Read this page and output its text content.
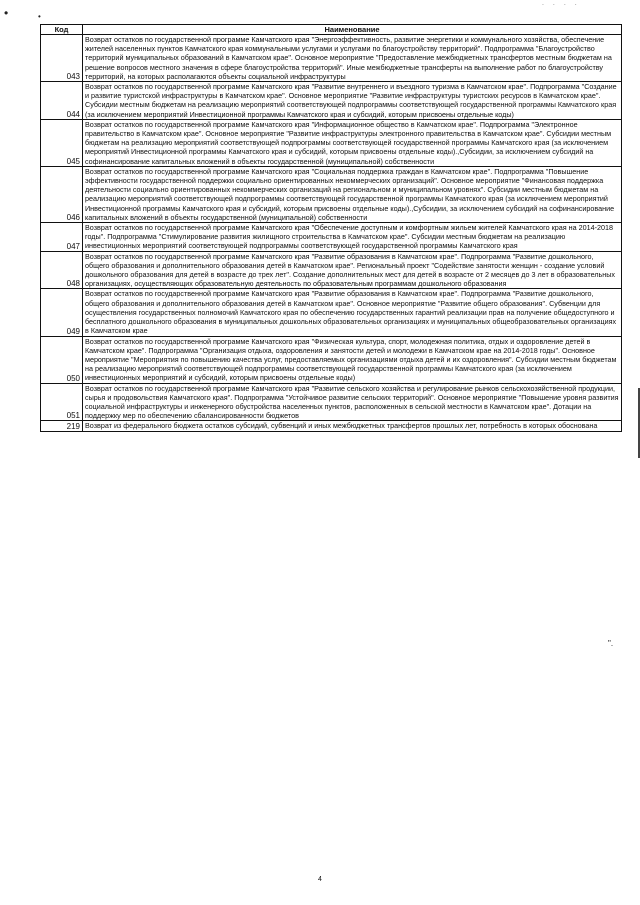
•	•
· · · ·
Код	Наименование
043	Возврат остатков по государственной программе Камчатского края "Энергоэффективность, развитие энергетики и коммунального хозяйства, обеспечение жителей населенных пунктов Камчатского края коммунальными услугами и услугами по благоустройству территорий". Подпрограмма "Благоустройство территорий муниципальных образований в Камчатском крае". Основное мероприятие "Предоставление межбюджетных трансфертов местным бюджетам на решение вопросов местного значения в сфере благоустройства территорий". Иные межбюджетные трансферты на выполнение работ по благоустройству территорий, на которых располагаются объекты социальной инфраструктуры
044	Возврат остатков по государственной программе Камчатского края "Развитие внутреннего и въездного туризма в Камчатском крае". Подпрограмма "Создание и развитие туристской инфраструктуры в Камчатском крае". Основное мероприятие "Развитие инфраструктуры туристских ресурсов в Камчатском крае". Субсидии местным бюджетам на реализацию мероприятий соответствующей подпрограммы соответствующей государственной программы Камчатского края (за исключением мероприятий Инвестиционной программы Камчатского края и субсидий, которым присвоены отдельные коды)
045	Возврат остатков по государственной программе Камчатского края "Информационное общество в Камчатском крае". Подпрограмма "Электронное правительство в Камчатском крае". Основное мероприятие "Развитие инфраструктуры электронного правительства в Камчатском крае". Субсидии местным бюджетам на реализацию мероприятий соответствующей подпрограммы соответствующей государственной программы Камчатского края (за исключением мероприятий Инвестиционной программы Камчатского края и субсидий, которым присвоены отдельные коды).,Субсидии, за исключением субсидий на софинансирование капитальных вложений в объекты государственной (муниципальной) собственности
046	Возврат остатков по государственной программе Камчатского края "Социальная поддержка граждан в Камчатском крае". Подпрограмма "Повышение эффективности государственной поддержки социально ориентированных некоммерческих организаций". Основное мероприятие "Финансовая поддержка деятельности социально ориентированных некоммерческих организаций на региональном и муниципальном уровнях". Субсидии местным бюджетам на реализацию мероприятий соответствующей подпрограммы соответствующей государственной программы Камчатского края (за исключением мероприятий Инвестиционной программы Камчатского края и субсидий, которым присвоены отдельные коды).,Субсидии, за исключением субсидий на софинансирование капитальных вложений в объекты государственной (муниципальной) собственности
047	Возврат остатков по государственной программе Камчатского края "Обеспечение доступным и комфортным жильем жителей Камчатского края на 2014-2018 годы". Подпрограмма "Стимулирование развития жилищного строительства в Камчатском крае". Субсидии местным бюджетам на реализацию инвестиционных мероприятий соответствующей подпрограммы соответствующей государственной программы Камчатского края
048	Возврат остатков по государственной программе Камчатского края "Развитие образования в Камчатском крае". Подпрограмма "Развитие дошкольного, общего образования и дополнительного образования детей в Камчатском крае". Региональный проект "Содействие занятости женщин - создание условий дошкольного образования для детей в возрасте до трех лет". Создание дополнительных мест для детей в возрасте от 2 месяцев до 3 лет в образовательных организациях, осуществляющих образовательную деятельность по образовательным программам дошкольного образования
049	Возврат остатков по государственной программе Камчатского края "Развитие образования в Камчатском крае". Подпрограмма "Развитие дошкольного, общего образования и дополнительного образования детей в Камчатском крае". Основное мероприятие "Развитие общего образования". Субвенции для осуществления государственных полномочий Камчатского края по обеспечению государственных гарантий реализации прав на получение общедоступного и бесплатного дошкольного образования в муниципальных дошкольных образовательных организациях и муниципальных общеобразовательных организациях в Камчатском крае
050	Возврат остатков по государственной программе Камчатского края "Физическая культура, спорт, молодежная политика, отдых и оздоровление детей в Камчатском крае". Подпрограмма "Организация отдыха, оздоровления и занятости детей и молодежи в Камчатском крае на 2014-2018 годы". Основное мероприятие "Мероприятия по повышению качества услуг, предоставляемых организациями отдыха детей и их оздоровления". Субсидии местным бюджетам на реализацию мероприятий соответствующей подпрограммы соответствующей государственной программы Камчатского края (за исключением инвестиционных мероприятий и субсидий, которым присвоены отдельные коды)
051	Возврат остатков по государственной программе Камчатского края "Развитие сельского хозяйства и регулирование рынков сельскохозяйственной продукции, сырья и продовольствия Камчатского края". Подпрограмма "Устойчивое развитие сельских территорий". Основное мероприятие "Повышение уровня развития социальной инфраструктуры и инженерного обустройства населенных пунктов, расположенных в сельской местности в Камчатском крае". Дотации на поддержку мер по обеспечению сбалансированности бюджетов
219	Возврат из федерального бюджета остатков субсидий, субвенций и иных межбюджетных трансфертов прошлых лет, потребность в которых обоснована
".
4
